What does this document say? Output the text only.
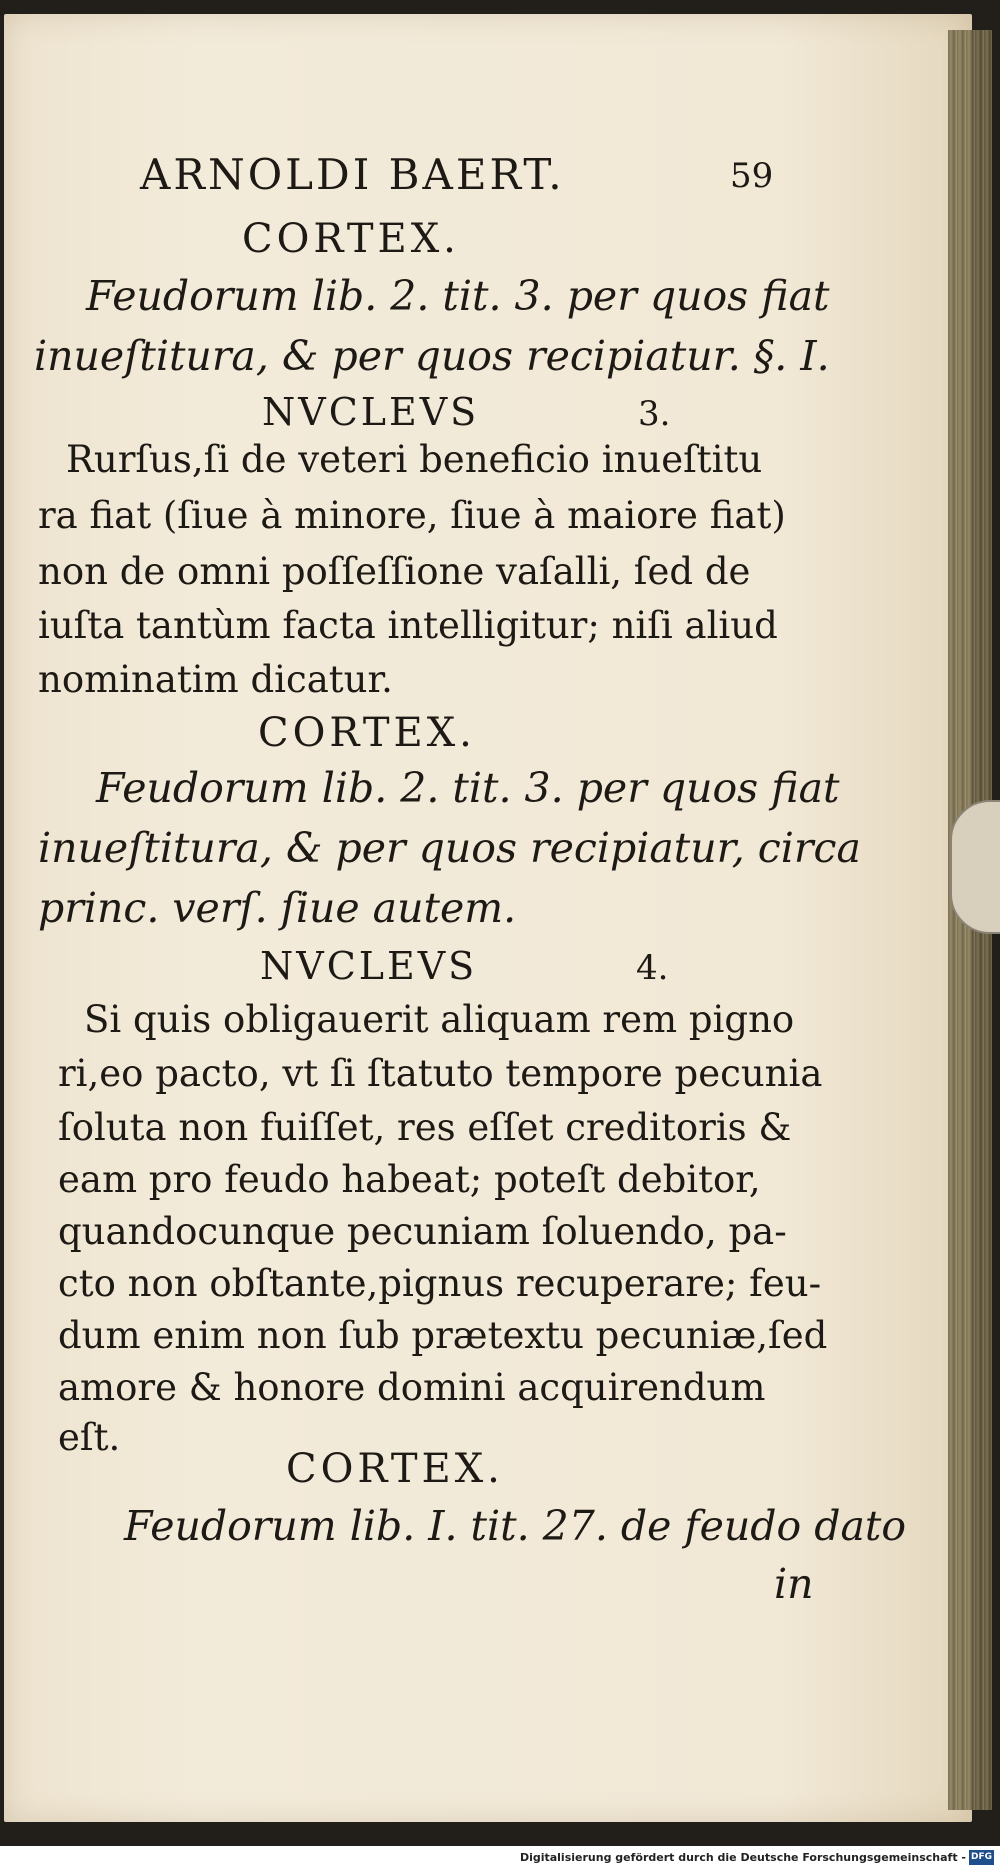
ARNOLDI BAERT.	59
CORTEX.
Feudorum lib. 2. tit. 3. per quos fiat
inueſtitura, & per quos recipiatur. §. I.
NVCLEVS	3.
Rurſus,ſi de veteri beneficio inueſtitu
ra fiat (ſiue à minore, ſiue à maiore fiat)
non de omni poſſeſſione vaſalli, ſed de
iuſta tantùm facta intelligitur; niſi aliud
nominatim dicatur.
CORTEX.
Feudorum lib. 2. tit. 3. per quos fiat
inueſtitura, & per quos recipiatur, circa
princ. verſ. ſiue autem.
NVCLEVS	4.
Si quis obligauerit aliquam rem pigno
ri,eo pacto, vt ſi ſtatuto tempore pecunia
ſoluta non fuiſſet, res eſſet creditoris &
eam pro feudo habeat; poteſt debitor,
quandocunque pecuniam ſoluendo, pa-
cto non obſtante,pignus recuperare; feu-
dum enim non ſub prætextu pecuniæ,ſed
amore & honore domini acquirendum
eſt.
CORTEX.
Feudorum lib. I. tit. 27. de feudo dato
in
Digitalisierung gefördert durch die Deutsche Forschungsgemeinschaft - DFG
